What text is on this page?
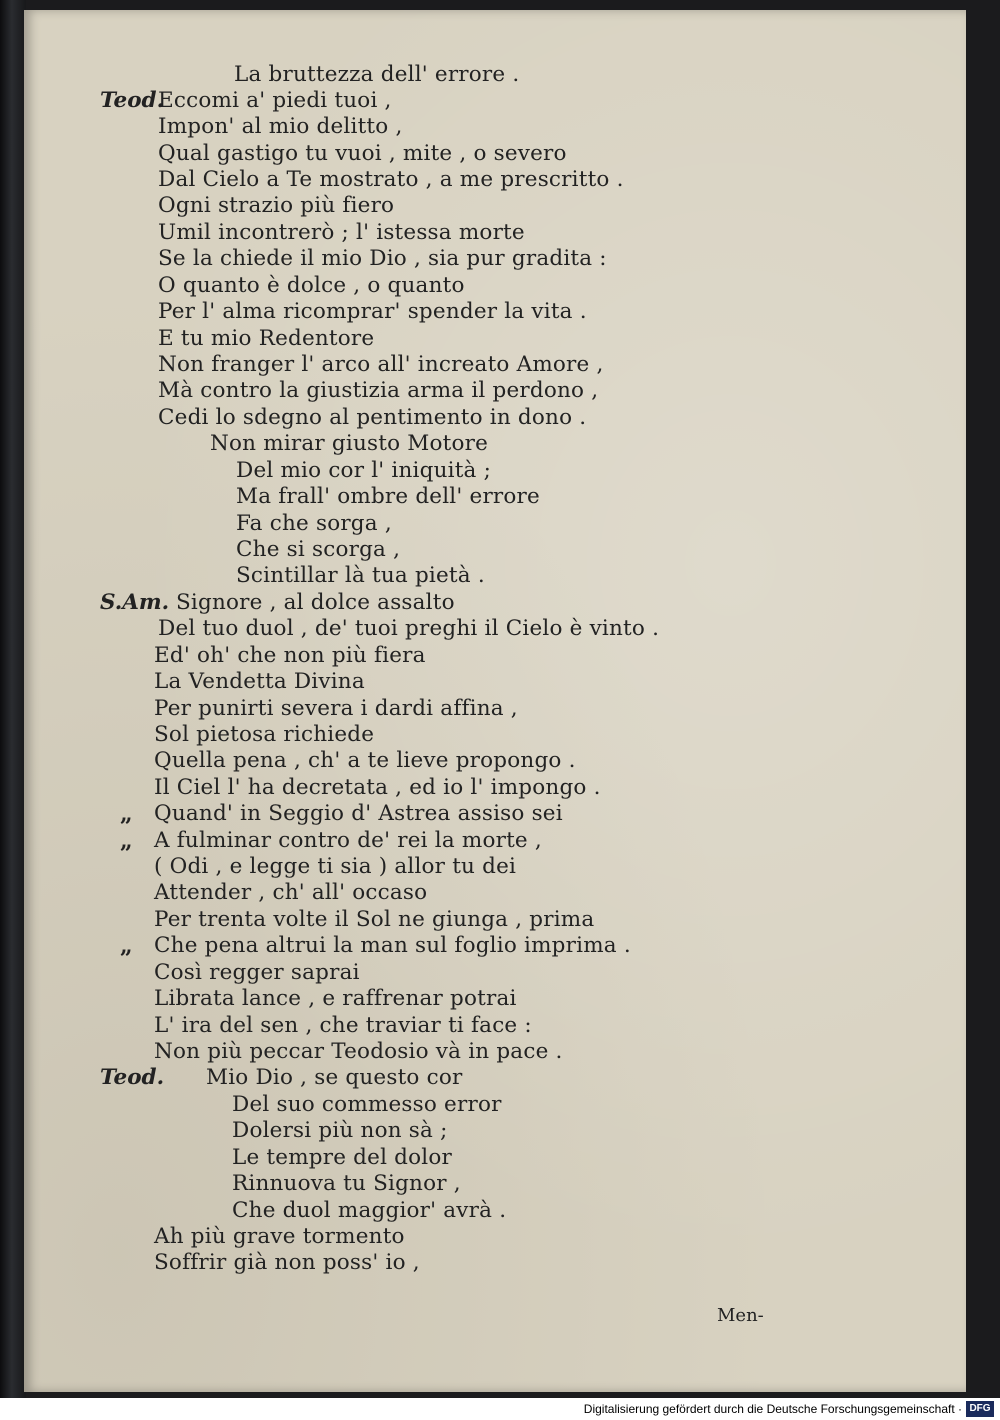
La bruttezza dell' errore .
Teod.
Eccomi a' piedi tuoi ,
Impon' al mio delitto ,
Qual gastigo tu vuoi , mite , o severo
Dal Cielo a Te mostrato , a me prescritto .
Ogni strazio più fiero
Umil incontrerò ; l' istessa morte
Se la chiede il mio Dio , sia pur gradita :
O quanto è dolce , o quanto
Per l' alma ricomprar' spender la vita .
E tu mio Redentore
Non franger l' arco all' increato Amore ,
Mà contro la giustizia arma il perdono ,
Cedi lo sdegno al pentimento in dono .
Non mirar giusto Motore
Del mio cor l' iniquità ;
Ma frall' ombre dell' errore
Fa che sorga ,
Che si scorga ,
Scintillar là tua pietà .
S.Am. Signore , al dolce assalto
Del tuo duol , de' tuoi preghi il Cielo è vinto .
Ed' oh' che non più fiera
La Vendetta Divina
Per punirti severa i dardi affina ,
Sol pietosa richiede
Quella pena , ch' a te lieve propongo .
Il Ciel l' ha decretata , ed io l' impongo .
„ Quand' in Seggio d' Astrea assiso sei
„ A fulminar contro de' rei la morte ,
( Odi , e legge ti sia ) allor tu dei
Attender , ch' all' occaso
Per trenta volte il Sol ne giunga , prima
„ Che pena altrui la man sul foglio imprima .
Così regger saprai
Librata lance , e raffrenar potrai
L' ira del sen , che traviar ti face :
Non più peccar Teodosio và in pace .
Teod. Mio Dio , se questo cor
Del suo commesso error
Dolersi più non sà ;
Le tempre del dolor
Rinnuova tu Signor ,
Che duol maggior' avrà .
Ah più grave tormento
Soffrir già non poss' io ,
Men-
Digitalisierung gefördert durch die Deutsche Forschungsgemeinschaft · DFG
